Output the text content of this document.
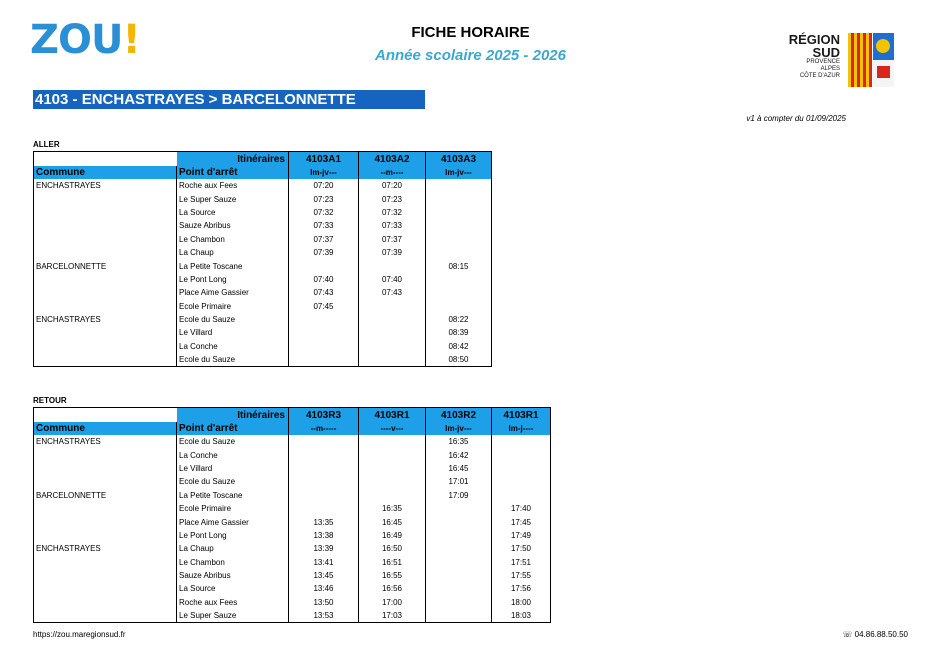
ZOU!	FICHE HORAIRE
Année scolaire 2025 - 2026
RÉGION
SUD
PROVENCE
ALPES
CÔTE D'AZUR
4103 - ENCHASTRAYES > BARCELONNETTE
v1 à compter du 01/09/2025
ALLER
	Itinéraires	4103A1	4103A2	4103A3
Commune	Point d'arrêt	lm-jv---	--m----	lm-jv---
ENCHASTRAYES	Roche aux Fees	07:20	07:20	
	Le Super Sauze	07:23	07:23	
	La Source	07:32	07:32	
	Sauze Abribus	07:33	07:33	
	Le Chambon	07:37	07:37	
	La Chaup	07:39	07:39	
BARCELONNETTE	La Petite Toscane			08:15
	Le Pont Long	07:40	07:40	
	Place Aime Gassier	07:43	07:43	
	Ecole Primaire	07:45		
ENCHASTRAYES	Ecole du Sauze			08:22
	Le Villard			08:39
	La Conche			08:42
	Ecole du Sauze			08:50
RETOUR
	Itinéraires	4103R3	4103R1	4103R2	4103R1
Commune	Point d'arrêt	--m-----	----v---	lm-jv---	lm-j----
ENCHASTRAYES	Ecole du Sauze			16:35	
	La Conche			16:42	
	Le Villard			16:45	
	Ecole du Sauze			17:01	
BARCELONNETTE	La Petite Toscane			17:09	
	Ecole Primaire		16:35		17:40
	Place Aime Gassier	13:35	16:45		17:45
	Le Pont Long	13:38	16:49		17:49
ENCHASTRAYES	La Chaup	13:39	16:50		17:50
	Le Chambon	13:41	16:51		17:51
	Sauze Abribus	13:45	16:55		17:55
	La Source	13:46	16:56		17:56
	Roche aux Fees	13:50	17:00		18:00
	Le Super Sauze	13:53	17:03		18:03
https://zou.maregionsud.fr	☏ 04.86.88.50.50
